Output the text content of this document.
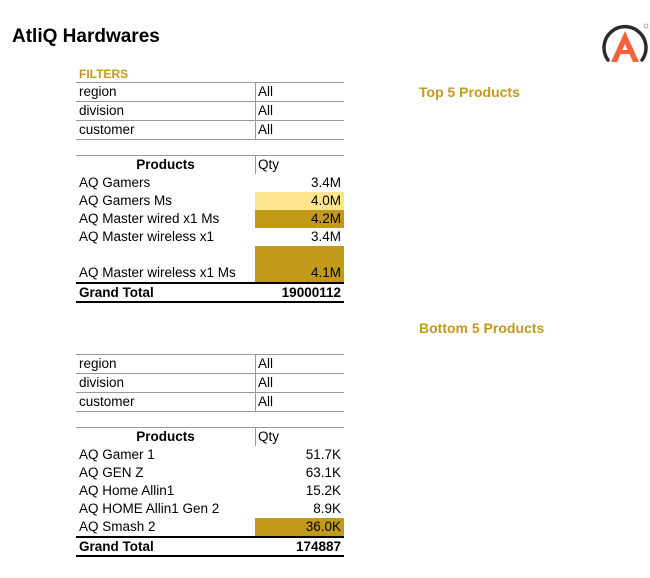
AtliQ Hardwares
Top 5 Products
FILTERS
region	All
division	All
customer	All
Products	Qty
AQ Gamers	3.4M
AQ Gamers Ms	4.0M
AQ Master wired x1 Ms	4.2M
AQ Master wireless x1	3.4M
AQ Master wireless x1 Ms	4.1M
Grand Total	19000112
Bottom 5 Products
region	All
division	All
customer	All
Products	Qty
AQ Gamer 1	51.7K
AQ GEN Z	63.1K
AQ Home Allin1	15.2K
AQ HOME Allin1 Gen 2	8.9K
AQ Smash 2	36.0K
Grand Total	174887
